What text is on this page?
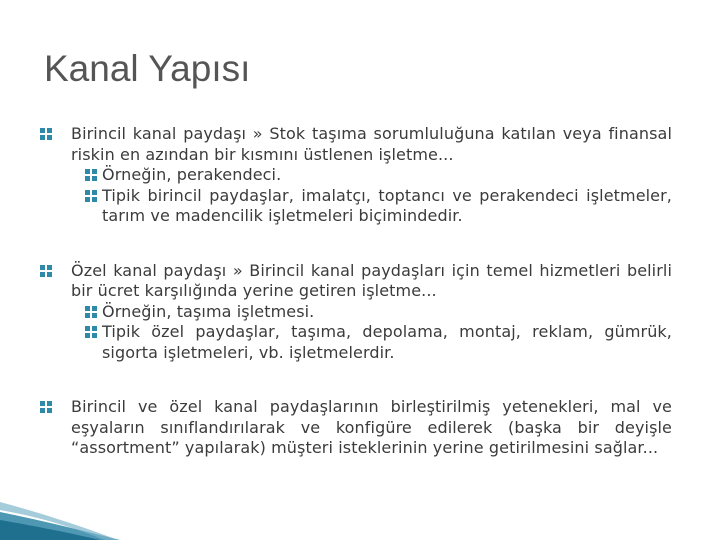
Kanal Yapısı

Birincil kanal paydaşı » Stok taşıma sorumluluğuna katılan veya finansal riskin en azından bir kısmını üstlenen işletme...

Örneğin, perakendeci.

Tipik birincil paydaşlar, imalatçı, toptancı ve perakendeci işletmeler, tarım ve madencilik işletmeleri biçimindedir.

Özel kanal paydaşı » Birincil kanal paydaşları için temel hizmetleri belirli bir ücret karşılığında yerine getiren işletme...

Örneğin, taşıma işletmesi.

Tipik özel paydaşlar, taşıma, depolama, montaj, reklam, gümrük, sigorta işletmeleri, vb. işletmelerdir.

Birincil ve özel kanal paydaşlarının birleştirilmiş yetenekleri, mal ve eşyaların sınıflandırılarak ve konfigüre edilerek (başka bir deyişle “assortment” yapılarak) müşteri isteklerinin yerine getirilmesini sağlar...
